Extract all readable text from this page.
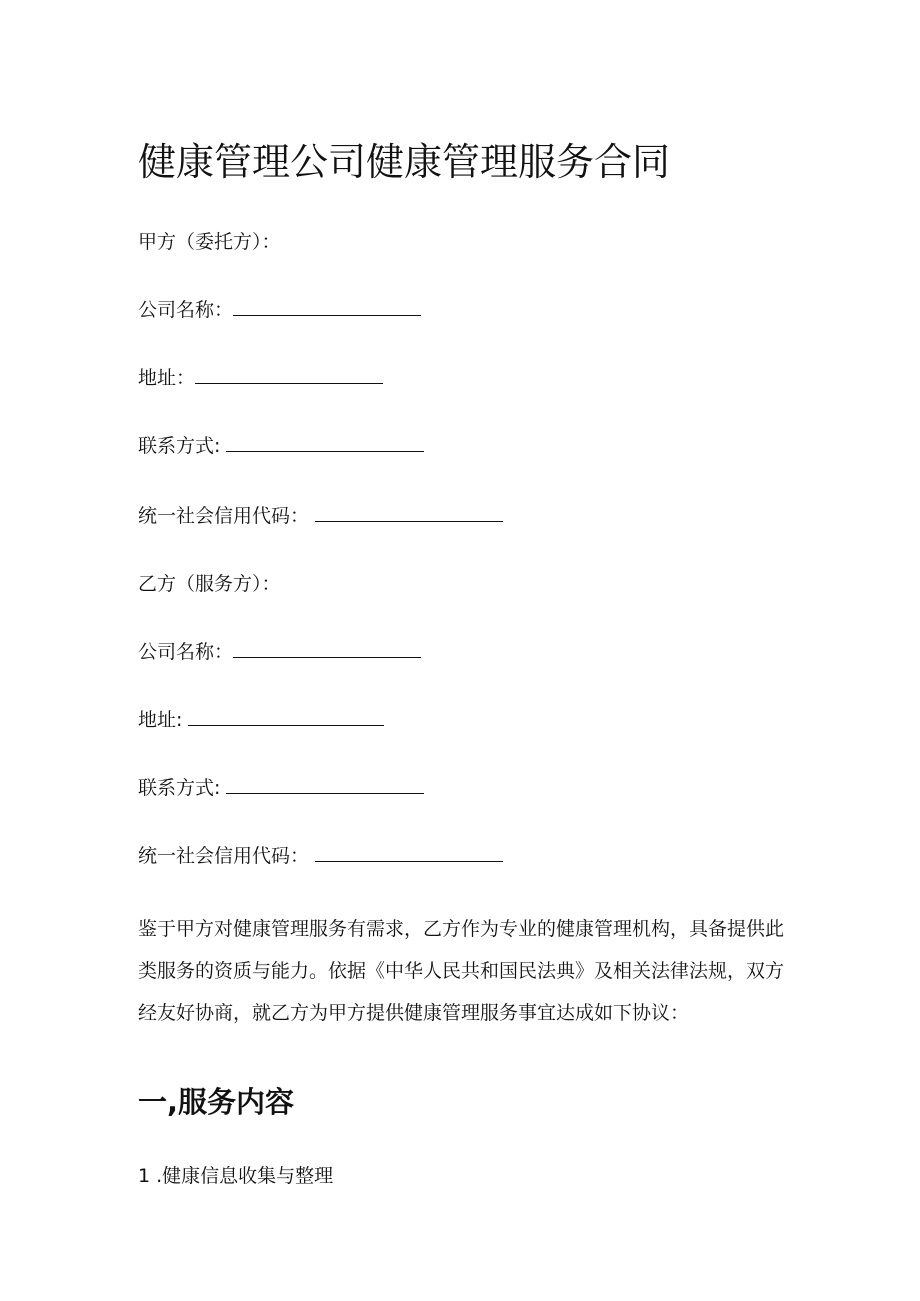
健康管理公司健康管理服务合同

甲方（委托方）：

公司名称：

地址：

联系方式:

统一社会信用代码：

乙方（服务方）：

公司名称：

地址:

联系方式:

统一社会信用代码：

鉴于甲方对健康管理服务有需求，乙方作为专业的健康管理机构，具备提供此类服务的资质与能力。依据《中华人民共和国民法典》及相关法律法规，双方经友好协商，就乙方为甲方提供健康管理服务事宜达成如下协议：

一,服务内容

1 .健康信息收集与整理
